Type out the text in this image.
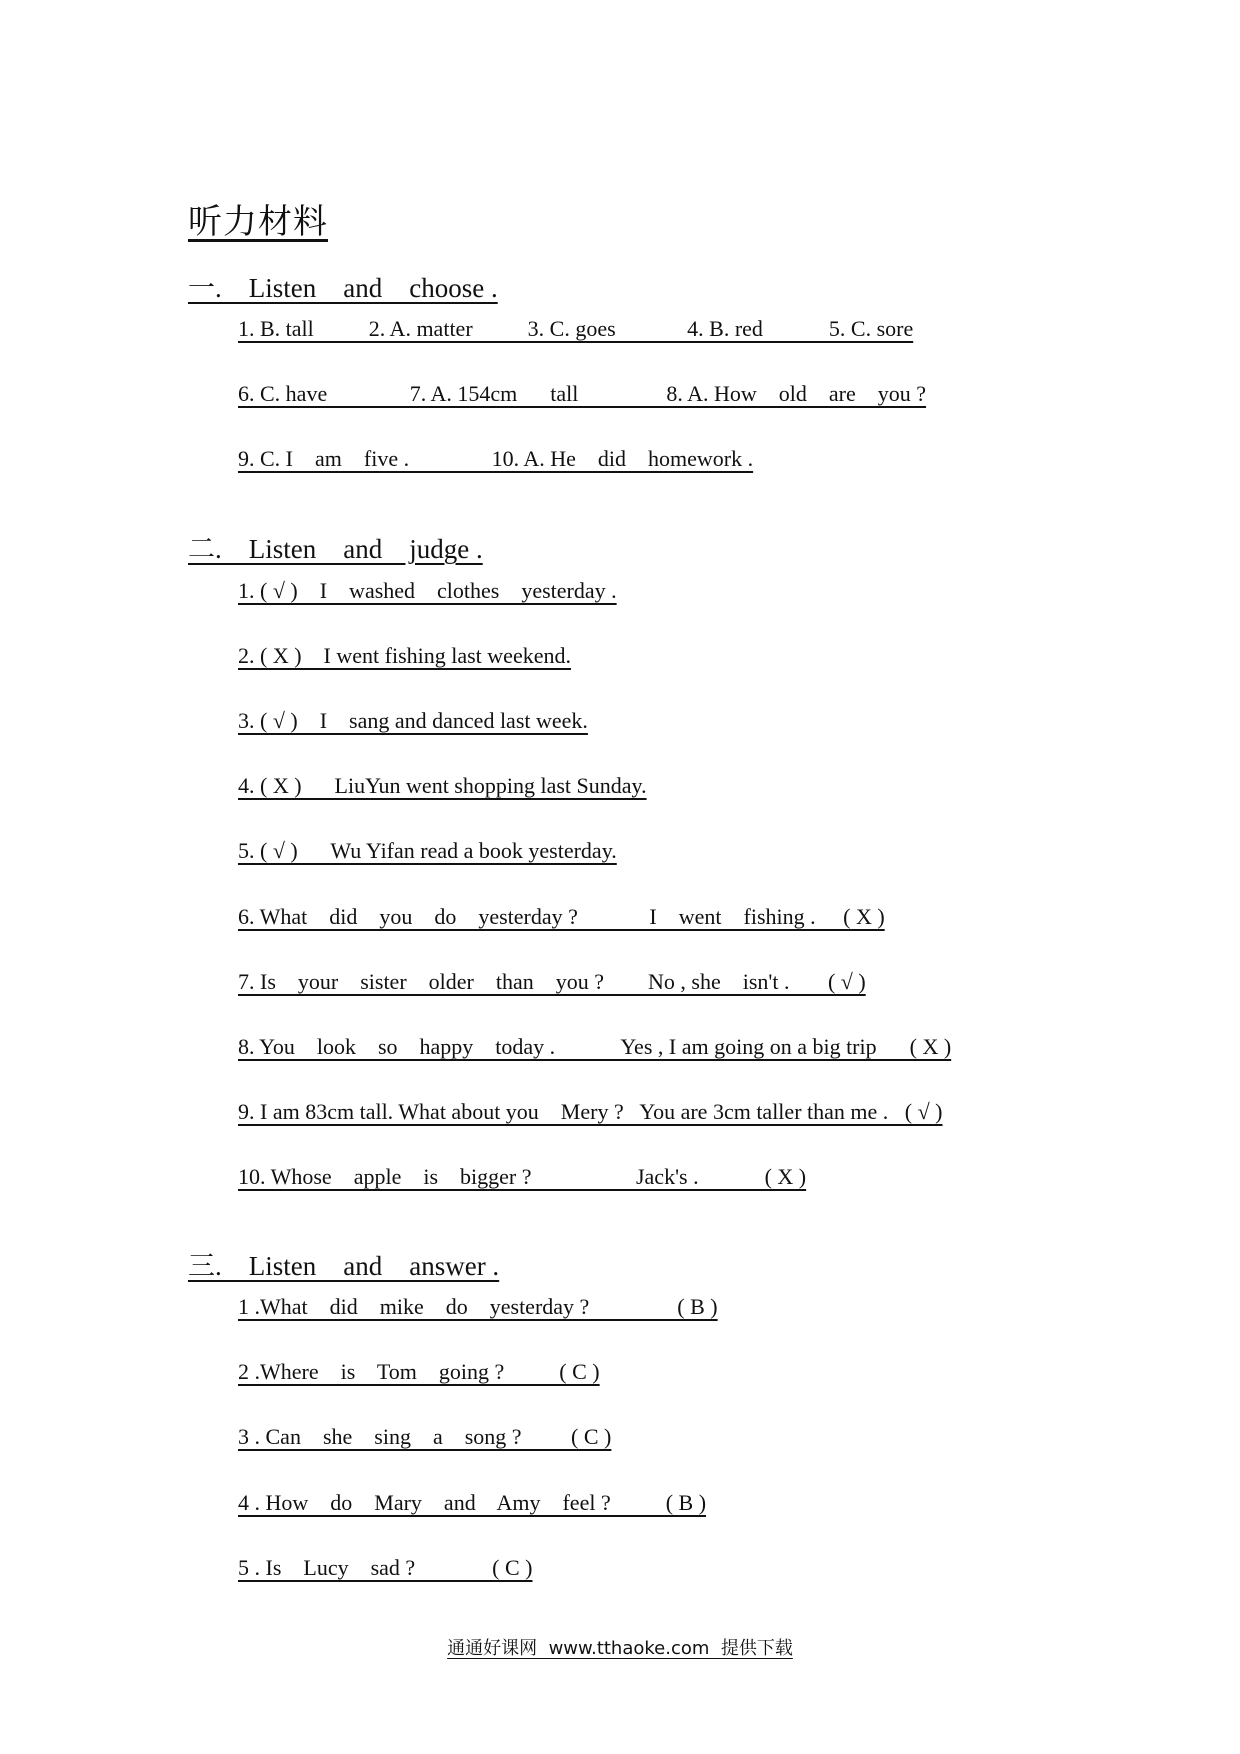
听力材料
一.    Listen    and    choose .
1. B. tall          2. A. matter          3. C. goes             4. B. red            5. C. sore
6. C. have               7. A. 154cm      tall                8. A. How    old    are    you ?
9. C. I    am    five .               10. A. He    did    homework .
二.    Listen    and    judge .
1. ( √ )    I    washed    clothes    yesterday .
2. ( X )    I went fishing last weekend.
3. ( √ )    I    sang and danced last week.
4. ( X )      LiuYun went shopping last Sunday.
5. ( √ )      Wu Yifan read a book yesterday.
6. What    did    you    do    yesterday ?             I    went    fishing .     ( X )
7. Is    your    sister    older    than    you ?        No , she    isn't .       ( √ )
8. You    look    so    happy    today .            Yes , I am going on a big trip      ( X )
9. I am 83cm tall. What about you    Mery ?   You are 3cm taller than me .   ( √ )
10. Whose    apple    is    bigger ?                   Jack's .            ( X )
三.    Listen    and    answer .
1 .What    did    mike    do    yesterday ?                ( B )
2 .Where    is    Tom    going ?          ( C )
3 . Can    she    sing    a    song ?         ( C )
4 . How    do    Mary    and    Amy    feel ?          ( B )
5 . Is    Lucy    sad ?              ( C )
通通好课网  www.tthaoke.com  提供下载
